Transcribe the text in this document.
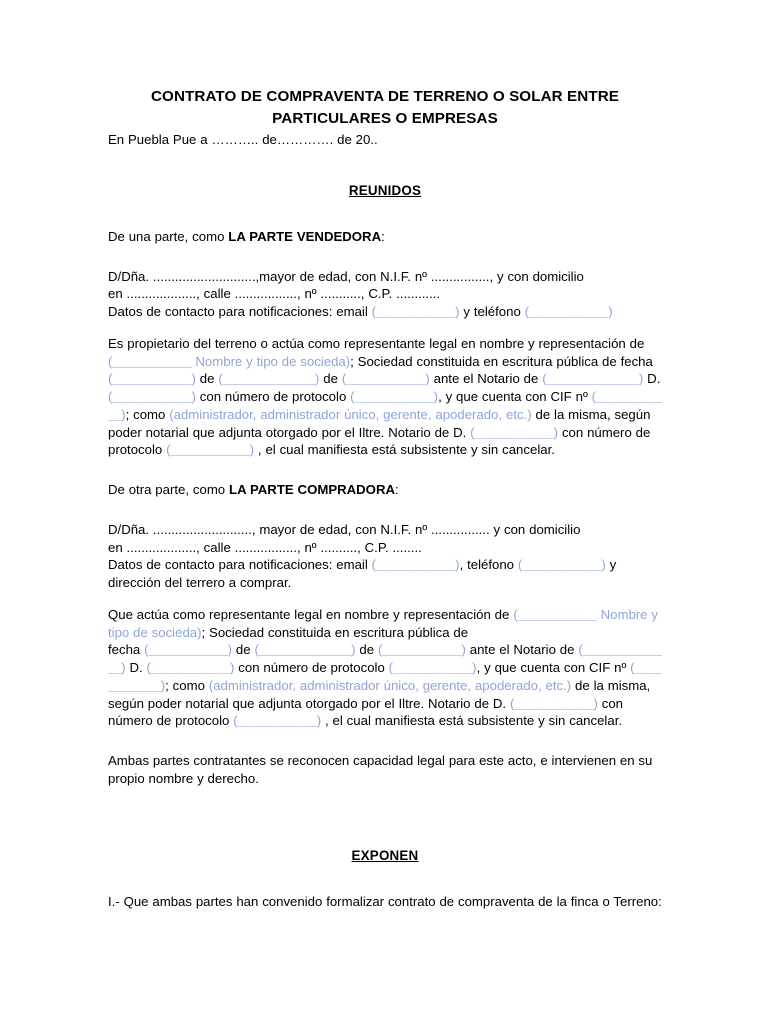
CONTRATO DE COMPRAVENTA DE TERRENO O SOLAR ENTRE PARTICULARES O EMPRESAS

En Puebla Pue a ……….. de…………. de 20..

REUNIDOS

De una parte, como LA PARTE VENDEDORA:

D/Dña. ............................,mayor de edad, con N.I.F. nº ................, y con domicilio

en ..................., calle ................., nº ..........., C.P. ............

Datos de contacto para notificaciones: email (＿＿＿＿＿＿) y teléfono (＿＿＿＿＿＿)

Es propietario del terreno o actúa como representante legal en nombre y representación de (＿＿＿＿＿＿ Nombre y tipo de socieda); Sociedad constituida en escritura pública de fecha (＿＿＿＿＿＿) de (＿＿＿＿＿＿＿) de (＿＿＿＿＿＿) ante el Notario de (＿＿＿＿＿＿＿) D. (＿＿＿＿＿＿) con número de protocolo (＿＿＿＿＿＿), y que cuenta con CIF nº (＿＿＿＿＿＿); como (administrador, administrador único, gerente, apoderado, etc.) de la misma, según poder notarial que adjunta otorgado por el Iltre. Notario de D. (＿＿＿＿＿＿) con número de protocolo (＿＿＿＿＿＿) , el cual manifiesta está subsistente y sin cancelar.

De otra parte, como LA PARTE COMPRADORA:

D/Dña. ..........................., mayor de edad, con N.I.F. nº ................ y con domicilio

en ..................., calle ................., nº .........., C.P. ........

Datos de contacto para notificaciones: email (＿＿＿＿＿＿), teléfono (＿＿＿＿＿＿) y dirección del terrero a comprar.

Que actúa como representante legal en nombre y representación de (＿＿＿＿＿＿ Nombre y tipo de socieda); Sociedad constituida en escritura pública de
fecha (＿＿＿＿＿＿) de (＿＿＿＿＿＿＿) de (＿＿＿＿＿＿) ante el Notario de (＿＿＿＿＿＿＿) D. (＿＿＿＿＿＿) con número de protocolo (＿＿＿＿＿＿), y que cuenta con CIF nº (＿＿＿＿＿＿); como (administrador, administrador único, gerente, apoderado, etc.) de la misma, según poder notarial que adjunta otorgado por el Iltre. Notario de D. (＿＿＿＿＿＿) con número de protocolo (＿＿＿＿＿＿) , el cual manifiesta está subsistente y sin cancelar.

Ambas partes contratantes se reconocen capacidad legal para este acto, e intervienen en su propio nombre y derecho.

EXPONEN

I.- Que ambas partes han convenido formalizar contrato de compraventa de la finca o Terreno:
